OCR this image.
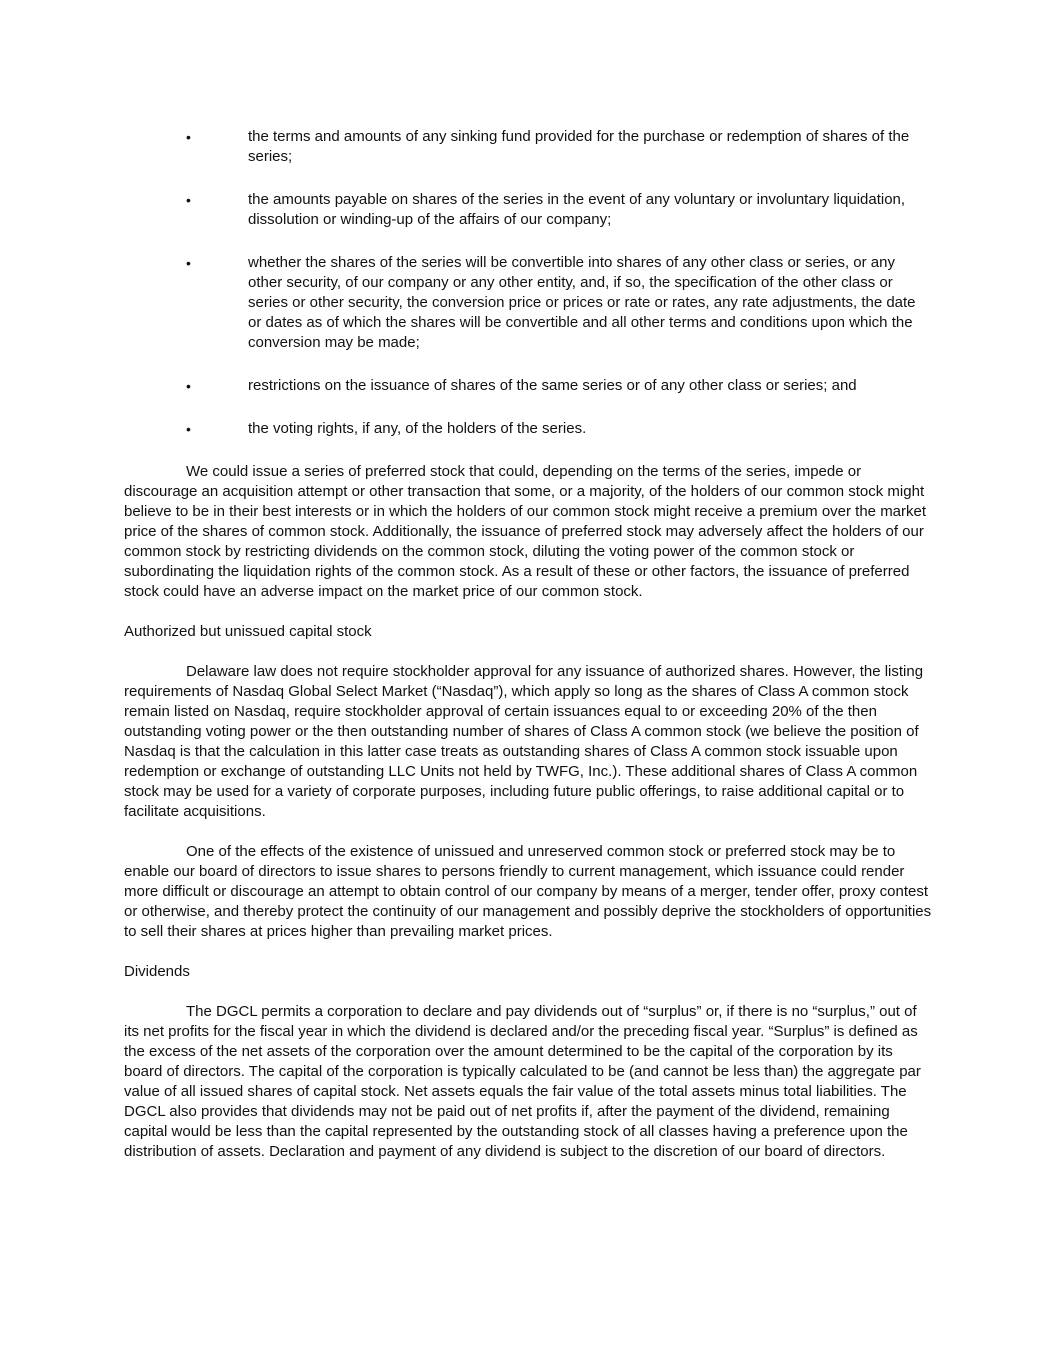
•	the terms and amounts of any sinking fund provided for the purchase or redemption of shares of the series;
•	the amounts payable on shares of the series in the event of any voluntary or involuntary liquidation, dissolution or winding-up of the affairs of our company;
•	whether the shares of the series will be convertible into shares of any other class or series, or any other security, of our company or any other entity, and, if so, the specification of the other class or series or other security, the conversion price or prices or rate or rates, any rate adjustments, the date or dates as of which the shares will be convertible and all other terms and conditions upon which the conversion may be made;
•	restrictions on the issuance of shares of the same series or of any other class or series; and
•	the voting rights, if any, of the holders of the series.

We could issue a series of preferred stock that could, depending on the terms of the series, impede or discourage an acquisition attempt or other transaction that some, or a majority, of the holders of our common stock might believe to be in their best interests or in which the holders of our common stock might receive a premium over the market price of the shares of common stock. Additionally, the issuance of preferred stock may adversely affect the holders of our common stock by restricting dividends on the common stock, diluting the voting power of the common stock or subordinating the liquidation rights of the common stock. As a result of these or other factors, the issuance of preferred stock could have an adverse impact on the market price of our common stock.

Authorized but unissued capital stock

Delaware law does not require stockholder approval for any issuance of authorized shares. However, the listing requirements of Nasdaq Global Select Market (“Nasdaq”), which apply so long as the shares of Class A common stock remain listed on Nasdaq, require stockholder approval of certain issuances equal to or exceeding 20% of the then outstanding voting power or the then outstanding number of shares of Class A common stock (we believe the position of Nasdaq is that the calculation in this latter case treats as outstanding shares of Class A common stock issuable upon redemption or exchange of outstanding LLC Units not held by TWFG, Inc.). These additional shares of Class A common stock may be used for a variety of corporate purposes, including future public offerings, to raise additional capital or to facilitate acquisitions.

One of the effects of the existence of unissued and unreserved common stock or preferred stock may be to enable our board of directors to issue shares to persons friendly to current management, which issuance could render more difficult or discourage an attempt to obtain control of our company by means of a merger, tender offer, proxy contest or otherwise, and thereby protect the continuity of our management and possibly deprive the stockholders of opportunities to sell their shares at prices higher than prevailing market prices.

Dividends

The DGCL permits a corporation to declare and pay dividends out of “surplus” or, if there is no “surplus,” out of its net profits for the fiscal year in which the dividend is declared and/or the preceding fiscal year. “Surplus” is defined as the excess of the net assets of the corporation over the amount determined to be the capital of the corporation by its board of directors. The capital of the corporation is typically calculated to be (and cannot be less than) the aggregate par value of all issued shares of capital stock. Net assets equals the fair value of the total assets minus total liabilities. The DGCL also provides that dividends may not be paid out of net profits if, after the payment of the dividend, remaining capital would be less than the capital represented by the outstanding stock of all classes having a preference upon the distribution of assets. Declaration and payment of any dividend is subject to the discretion of our board of directors.
